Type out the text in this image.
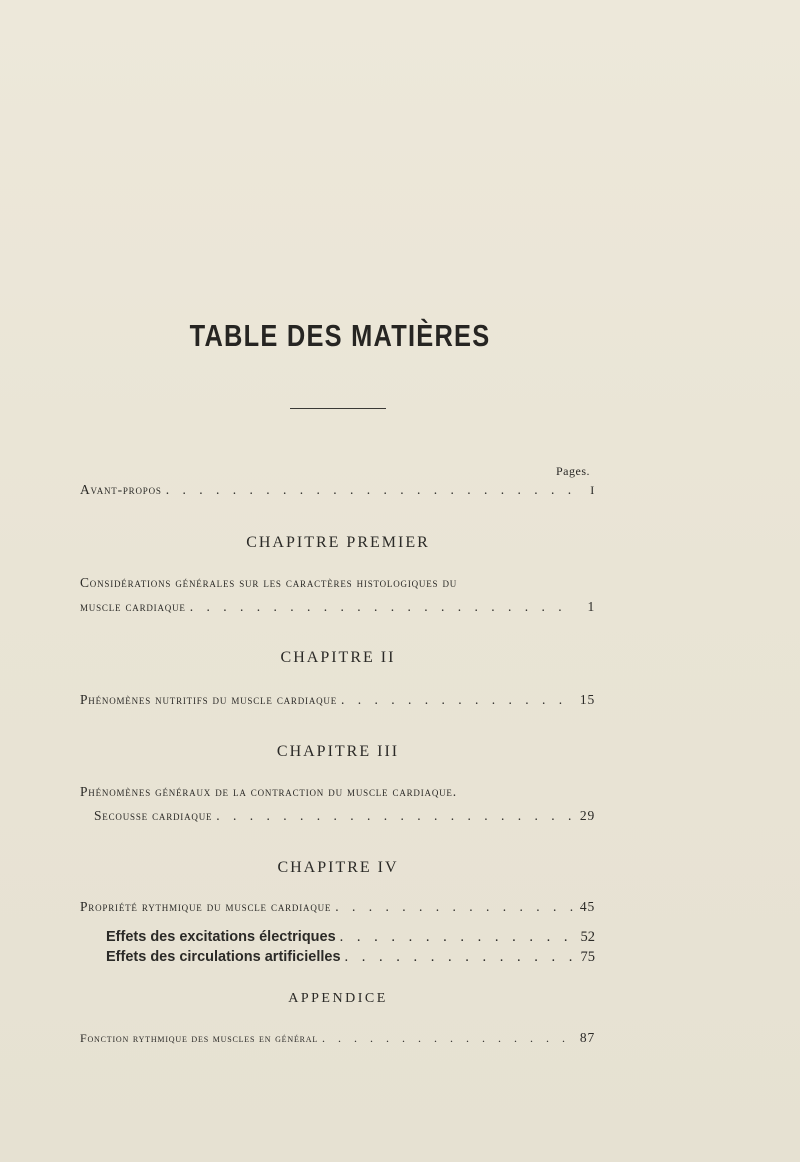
TABLE DES MATIÈRES
Pages.
Avant-propos . . .	I
CHAPITRE PREMIER
Considérations générales sur les caractères histologiques du
muscle cardiaque . . .	1
CHAPITRE II
Phénomènes nutritifs du muscle cardiaque . . .	15
CHAPITRE III
Phénomènes généraux de la contraction du muscle cardiaque.
Secousse cardiaque . . .	29
CHAPITRE IV
Propriété rythmique du muscle cardiaque . . .	45
Effets des excitations électriques . . .	52
Effets des circulations artificielles . . .	75
APPENDICE
Fonction rythmique des muscles en général . . .	87
